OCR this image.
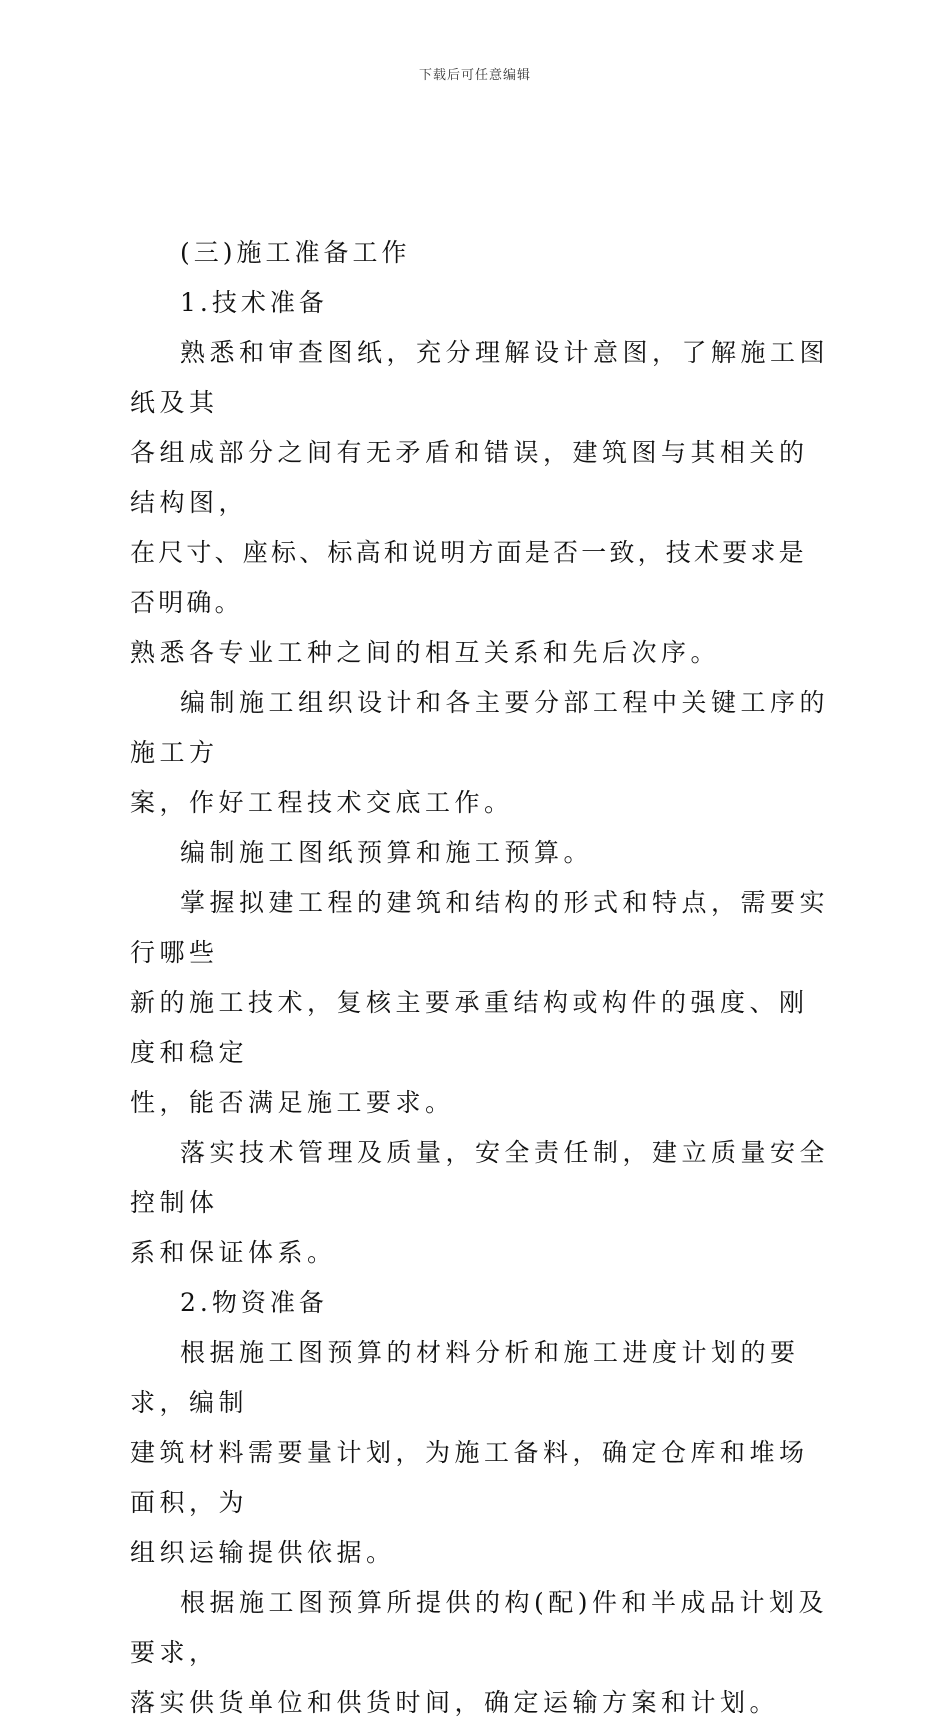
下载后可任意编辑
(三)施工准备工作
1.技术准备
熟悉和审查图纸，充分理解设计意图，了解施工图纸及其
各组成部分之间有无矛盾和错误，建筑图与其相关的结构图，
在尺寸、座标、标高和说明方面是否一致，技术要求是否明确。
熟悉各专业工种之间的相互关系和先后次序。
编制施工组织设计和各主要分部工程中关键工序的施工方
案，作好工程技术交底工作。
编制施工图纸预算和施工预算。
掌握拟建工程的建筑和结构的形式和特点，需要实行哪些
新的施工技术，复核主要承重结构或构件的强度、刚度和稳定
性，能否满足施工要求。
落实技术管理及质量，安全责任制，建立质量安全控制体
系和保证体系。
2.物资准备
根据施工图预算的材料分析和施工进度计划的要求，编制
建筑材料需要量计划，为施工备料，确定仓库和堆场面积，为
组织运输提供依据。
根据施工图预算所提供的构(配)件和半成品计划及要求，
落实供货单位和供货时间，确定运输方案和计划。
